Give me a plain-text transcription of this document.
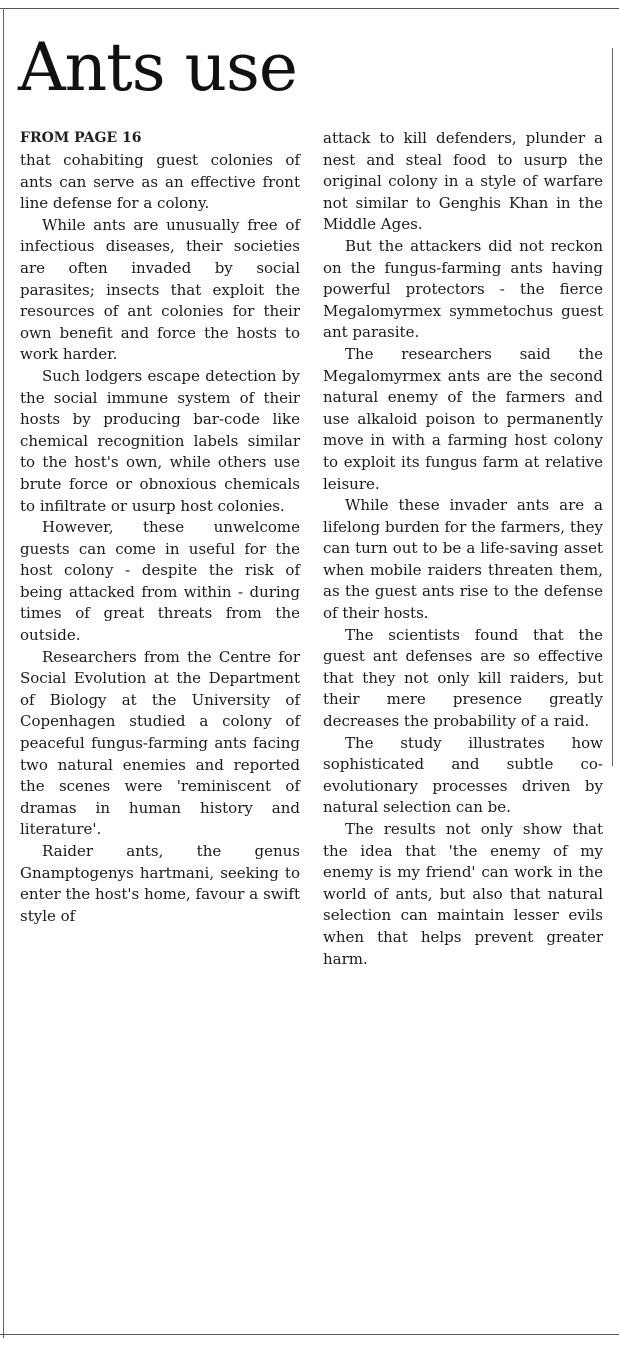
Ants use
FROM PAGE 16

that cohabiting guest colonies of ants can serve as an effective front line defense for a colony.

While ants are unusually free of infectious diseases, their societies are often invaded by social parasites; insects that exploit the resources of ant colonies for their own benefit and force the hosts to work harder.

Such lodgers escape detection by the social immune system of their hosts by producing bar-code like chemical recognition labels similar to the host's own, while others use brute force or obnoxious chemicals to infiltrate or usurp host colonies.

However, these unwelcome guests can come in useful for the host colony - despite the risk of being attacked from within - during times of great threats from the outside.

Researchers from the Centre for Social Evolution at the Department of Biology at the University of Copenhagen studied a colony of peaceful fungus-farming ants facing two natural enemies and reported the scenes were 'reminiscent of dramas in human history and literature'.

Raider ants, the genus Gnamptogenys hartmani, seeking to enter the host's home, favour a swift style of

attack to kill defenders, plunder a nest and steal food to usurp the original colony in a style of warfare not similar to Genghis Khan in the Middle Ages.

But the attackers did not reckon on the fungus-farming ants having powerful protectors - the fierce Megalomyrmex symmetochus guest ant parasite.

The researchers said the Megalomyrmex ants are the second natural enemy of the farmers and use alkaloid poison to permanently move in with a farming host colony to exploit its fungus farm at relative leisure.

While these invader ants are a lifelong burden for the farmers, they can turn out to be a life-saving asset when mobile raiders threaten them, as the guest ants rise to the defense of their hosts.

The scientists found that the guest ant defenses are so effective that they not only kill raiders, but their mere presence greatly decreases the probability of a raid.

The study illustrates how sophisticated and subtle co-evolutionary processes driven by natural selection can be.

The results not only show that the idea that 'the enemy of my enemy is my friend' can work in the world of ants, but also that natural selection can maintain lesser evils when that helps prevent greater harm.
